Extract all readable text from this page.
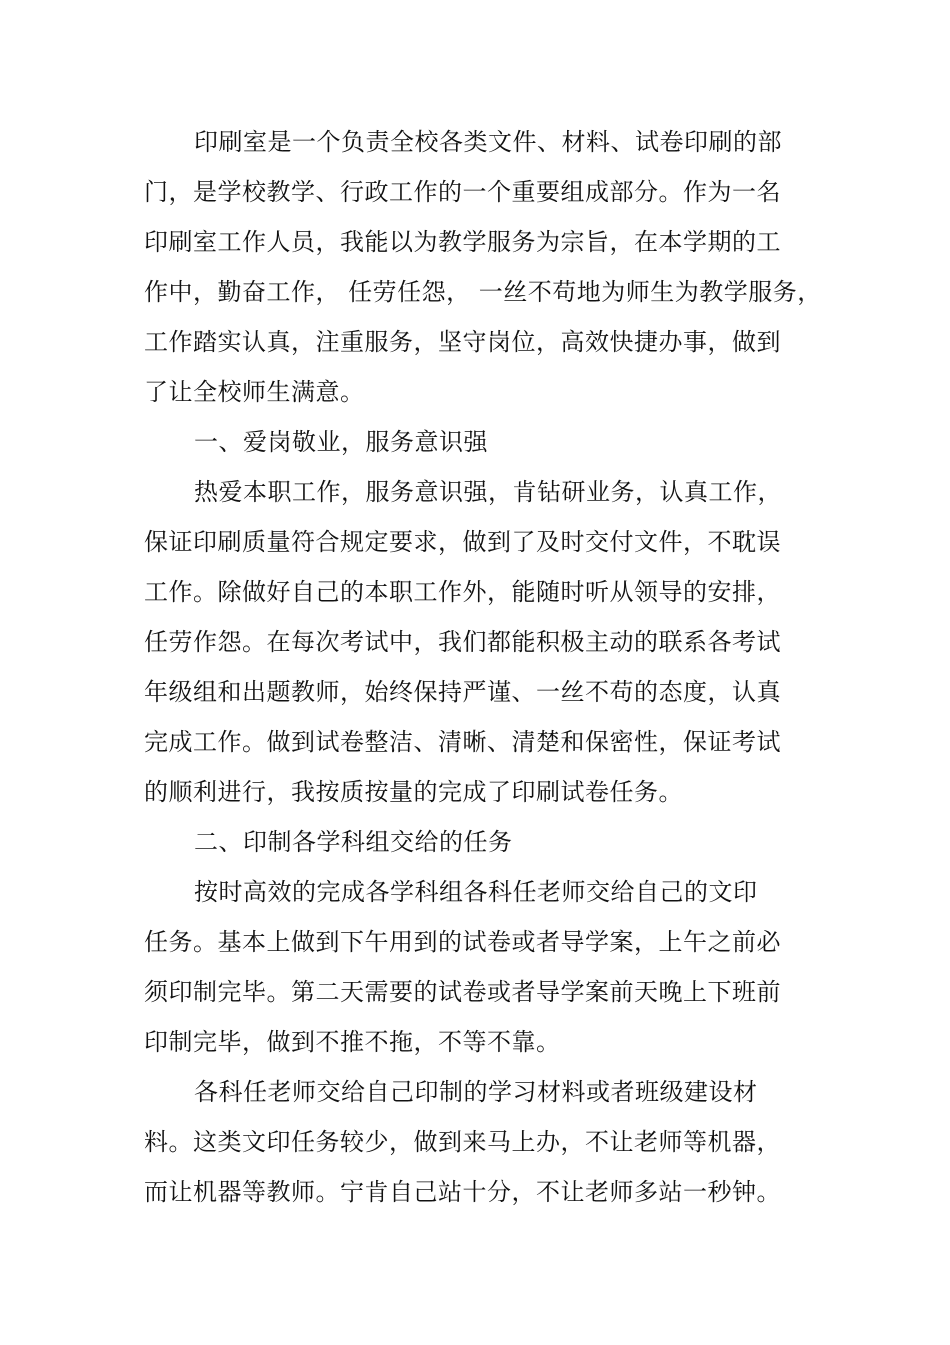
印刷室是一个负责全校各类文件、材料、试卷印刷的部
门，是学校教学、行政工作的一个重要组成部分。作为一名
印刷室工作人员，我能以为教学服务为宗旨，在本学期的工
作中，勤奋工作， 任劳任怨， 一丝不苟地为师生为教学服务，
工作踏实认真，注重服务，坚守岗位，高效快捷办事，做到
了让全校师生满意。
一、爱岗敬业，服务意识强
热爱本职工作，服务意识强，肯钻研业务，认真工作，
保证印刷质量符合规定要求，做到了及时交付文件，不耽误
工作。除做好自己的本职工作外，能随时听从领导的安排，
任劳作怨。在每次考试中，我们都能积极主动的联系各考试
年级组和出题教师，始终保持严谨、一丝不苟的态度，认真
完成工作。做到试卷整洁、清晰、清楚和保密性，保证考试
的顺利进行，我按质按量的完成了印刷试卷任务。
二、印制各学科组交给的任务
按时高效的完成各学科组各科任老师交给自己的文印
任务。基本上做到下午用到的试卷或者导学案，上午之前必
须印制完毕。第二天需要的试卷或者导学案前天晚上下班前
印制完毕，做到不推不拖，不等不靠。
各科任老师交给自己印制的学习材料或者班级建设材
料。这类文印任务较少，做到来马上办，不让老师等机器，
而让机器等教师。宁肯自己站十分，不让老师多站一秒钟。
